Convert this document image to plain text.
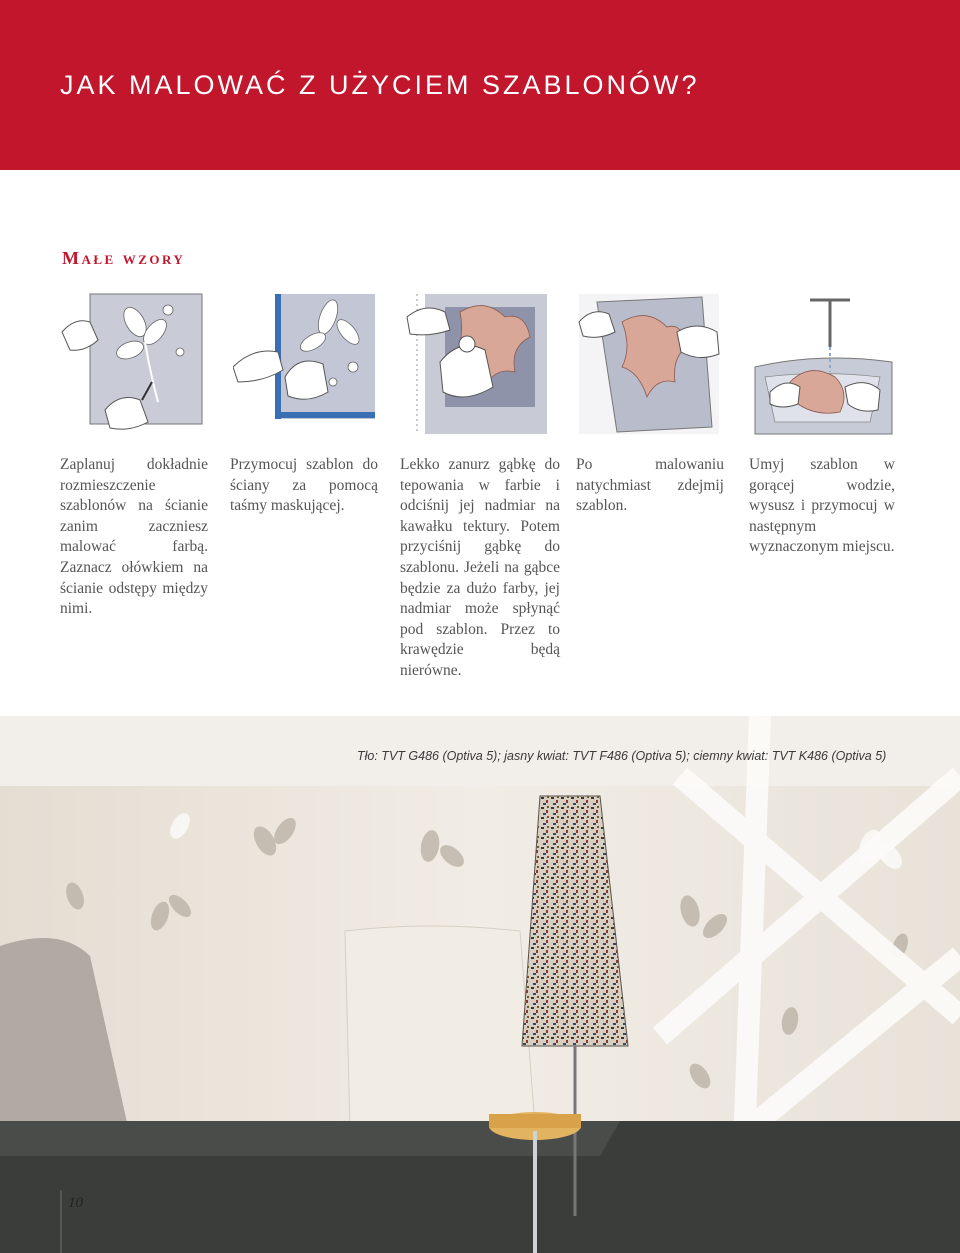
JAK MALOWAĆ Z UŻYCIEM SZABLONÓW?
Małe wzory

Zaplanuj dokładnie rozmieszczenie szablonów na ścianie zanim zaczniesz malować farbą. Zaznacz ołówkiem na ścianie odstępy między nimi.

Przymocuj szablon do ściany za pomocą taśmy maskującej.

Lekko zanurz gąbkę do tepowania w farbie i odciśnij jej nadmiar na kawałku tektury. Potem przyciśnij gąbkę do szablonu. Jeżeli na gąbce będzie za dużo farby, jej nadmiar może spłynąć pod szablon. Przez to krawędzie będą nierówne.

Po malowaniu natychmiast zdejmij szablon.

Umyj szablon w gorącej wodzie, wysusz i przymocuj w następnym wyznaczonym miejscu.

Tło: TVT G486 (Optiva 5); jasny kwiat: TVT F486 (Optiva 5); ciemny kwiat: TVT K486 (Optiva 5)
10
